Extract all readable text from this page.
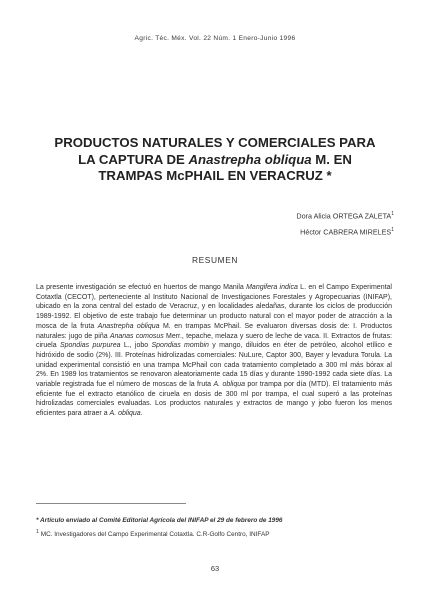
Agric. Téc. Méx. Vol. 22 Núm. 1 Enero-Junio 1996
PRODUCTOS NATURALES Y COMERCIALES PARA
LA CAPTURA DE Anastrepha obliqua M. EN
TRAMPAS McPHAIL EN VERACRUZ *
Dora Alicia ORTEGA ZALETA$^1$
Héctor CABRERA MIRELES$^1$
RESUMEN

La presente investigación se efectuó en huertos de mango Manila Mangifera indica L. en el Campo Experimental Cotaxtla (CECOT), perteneciente al Instituto Nacional de Investigaciones Forestales y Agropecuarias (INIFAP), ubicado en la zona central del estado de Veracruz, y en localidades aledañas, durante los ciclos de producción 1989-1992. El objetivo de este trabajo fue determinar un producto natural con el mayor poder de atracción a la mosca de la fruta Anastrepha obliqua M. en trampas McPhail. Se evaluaron diversas dosis de: I. Productos naturales: jugo de piña Ananas comosus Merr., tepache, melaza y suero de leche de vaca. II. Extractos de frutas: ciruela Spondias purpurea L., jobo Spondias mombin y mango, diluidos en éter de petróleo, alcohol etílico e hidróxido de sodio (2%). III. Proteínas hidrolizadas comerciales: NuLure, Captor 300, Bayer y levadura Torula. La unidad experimental consistió en una trampa McPhail con cada tratamiento completado a 300 ml más bórax al 2%. En 1989 los tratamientos se renovaron aleatoriamente cada 15 días y durante 1990-1992 cada siete días. La variable registrada fue el número de moscas de la fruta A. obliqua por trampa por día (MTD). El tratamiento más eficiente fue el extracto etanólico de ciruela en dosis de 300 ml por trampa, el cual superó a las proteínas hidrolizadas comerciales evaluadas. Los productos naturales y extractos de mango y jobo fueron los menos eficientes para atraer a A. obliqua.

* Artículo enviado al Comité Editorial Agrícola del INIFAP el 29 de febrero de 1996
$^1$ MC. Investigadores del Campo Experimental Cotaxtla. C.R-Golfo Centro, INIFAP
63
